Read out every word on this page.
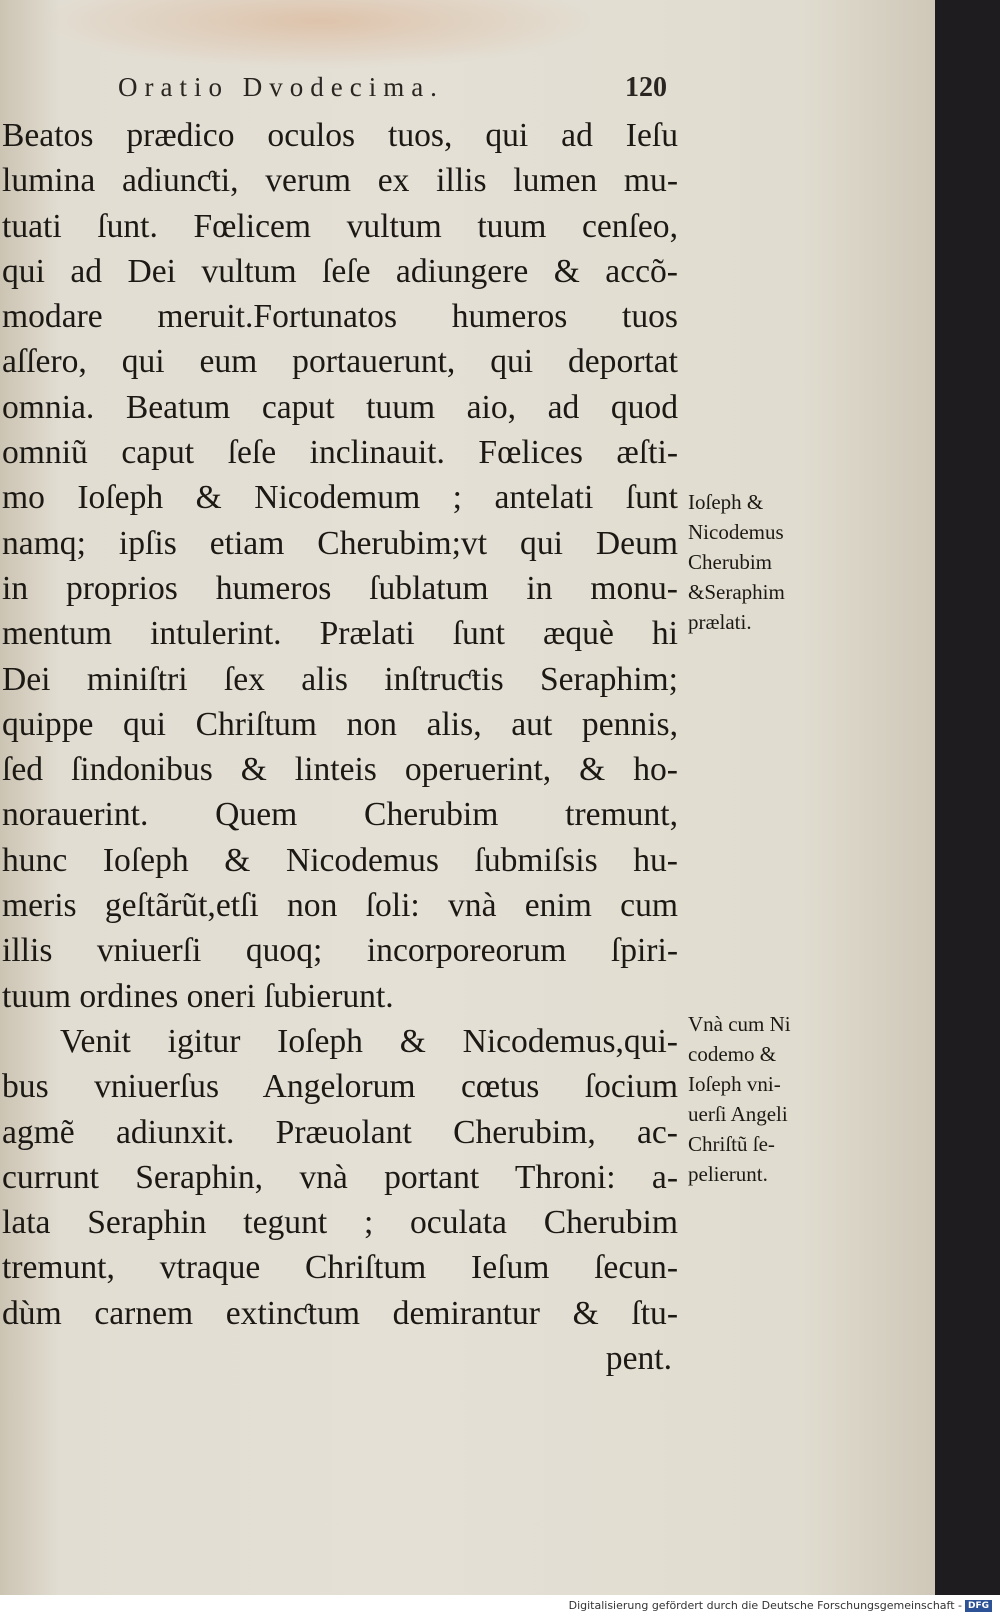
Oratio Dvodecima.	120
Beatos prædico oculos tuos, qui ad Ieſu
lumina adiunƈti, verum ex illis lumen mu-
tuati ſunt. Fœlicem vultum tuum cenſeo,
qui ad Dei vultum ſeſe adiungere & accõ-
modare meruit.Fortunatos humeros tuos
aſſero, qui eum portauerunt, qui deportat
omnia. Beatum caput tuum aio, ad quod
omniũ caput ſeſe inclinauit. Fœlices æſti-
mo Ioſeph & Nicodemum ; antelati ſunt
namq; ipſis etiam Cherubim;vt qui Deum
in proprios humeros ſublatum in monu-
mentum intulerint. Prælati ſunt æquè hi
Dei miniſtri ſex alis inſtruƈtis Seraphim;
quippe qui Chriſtum non alis, aut pennis,
ſed ſindonibus & linteis operuerint, & ho-
norauerint. Quem Cherubim tremunt,
hunc Ioſeph & Nicodemus ſubmiſsis hu-
meris geſtãrũt,etſi non ſoli: vnà enim cum
illis vniuerſi quoq; incorporeorum ſpiri-
tuum ordines oneri ſubierunt.
Venit igitur Ioſeph & Nicodemus,qui-
bus vniuerſus Angelorum cœtus ſocium
agmẽ adiunxit. Præuolant Cherubim, ac-
currunt Seraphin, vnà portant Throni: a-
lata Seraphin tegunt ; oculata Cherubim
tremunt, vtraque Chriſtum Ieſum ſecun-
dùm carnem extinƈtum demirantur & ſtu-
pent.
Ioſeph &
Nicodemus
Cherubim
&Seraphim
prælati.
Vnà cum Ni
codemo &
Ioſeph vni-
uerſi Angeli
Chriſtũ ſe-
pelierunt.
Digitalisierung gefördert durch die Deutsche Forschungsgemeinschaft - DFG
